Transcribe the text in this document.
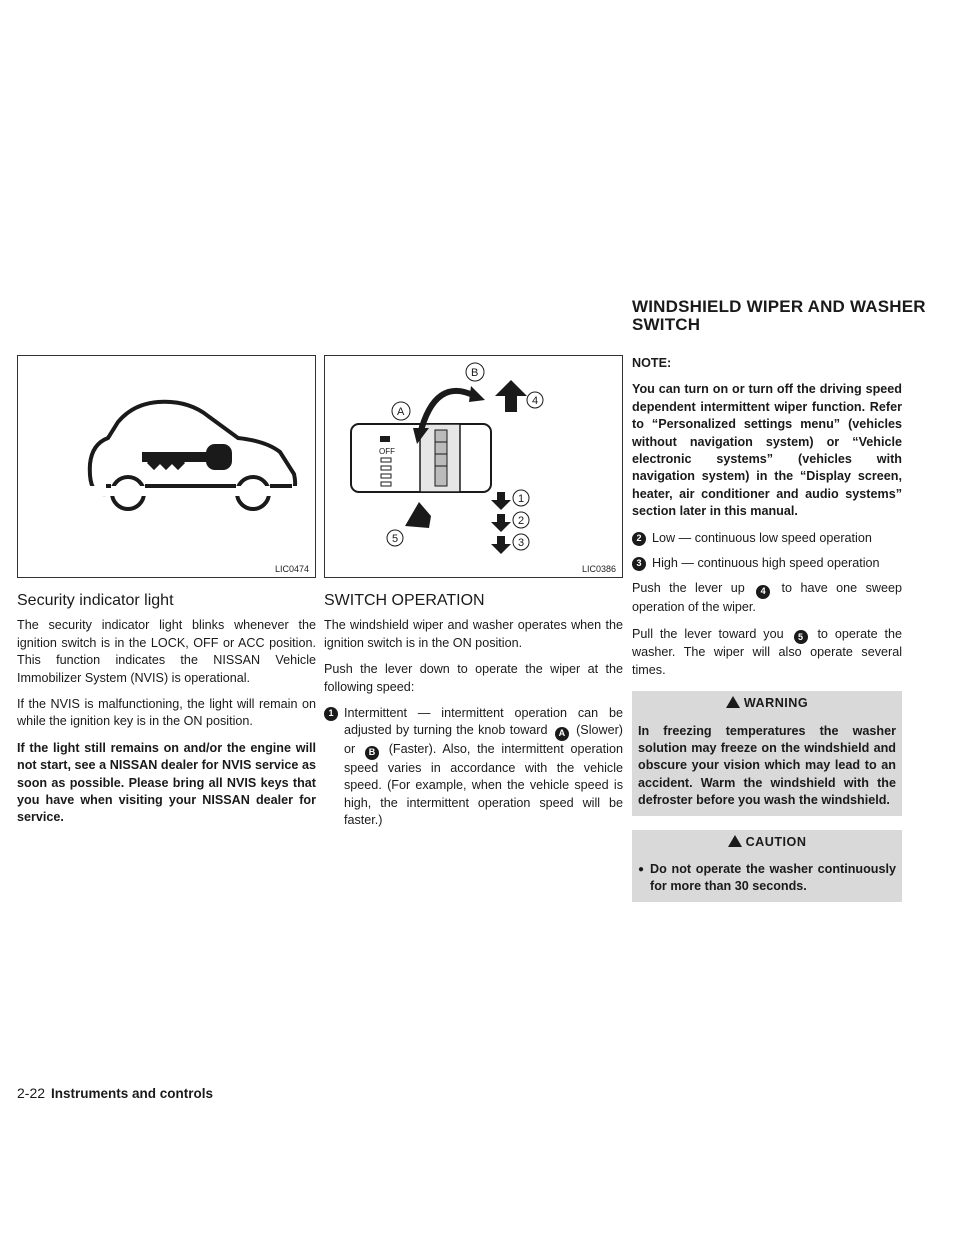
WINDSHIELD WIPER AND WASHER SWITCH
LIC0474
OFF
A
B
4
1
2
3
5
LIC0386
Security indicator light

The security indicator light blinks whenever the ignition switch is in the LOCK, OFF or ACC position. This function indicates the NISSAN Vehicle Immobilizer System (NVIS) is operational.

If the NVIS is malfunctioning, the light will remain on while the ignition key is in the ON position.

If the light still remains on and/or the engine will not start, see a NISSAN dealer for NVIS service as soon as possible. Please bring all NVIS keys that you have when visiting your NISSAN dealer for service.

SWITCH OPERATION

The windshield wiper and washer operates when the ignition switch is in the ON position.

Push the lever down to operate the wiper at the following speed:

1 Intermittent — intermittent operation can be adjusted by turning the knob toward A (Slower) or B (Faster). Also, the intermittent operation speed varies in accordance with the vehicle speed. (For example, when the vehicle speed is high, the intermittent operation speed will be faster.)

NOTE:

You can turn on or turn off the driving speed dependent intermittent wiper function. Refer to “Personalized settings menu” (vehicles without navigation system) or “Vehicle electronic systems” (vehicles with navigation system) in the “Display screen, heater, air conditioner and audio systems” section later in this manual.

2 Low — continuous low speed operation
3 High — continuous high speed operation

Push the lever up 4 to have one sweep operation of the wiper.

Pull the lever toward you 5 to operate the washer. The wiper will also operate several times.

WARNING
In freezing temperatures the washer solution may freeze on the windshield and obscure your vision which may lead to an accident. Warm the windshield with the defroster before you wash the windshield.
CAUTION
● Do not operate the washer continuously for more than 30 seconds.
2-22 Instruments and controls
